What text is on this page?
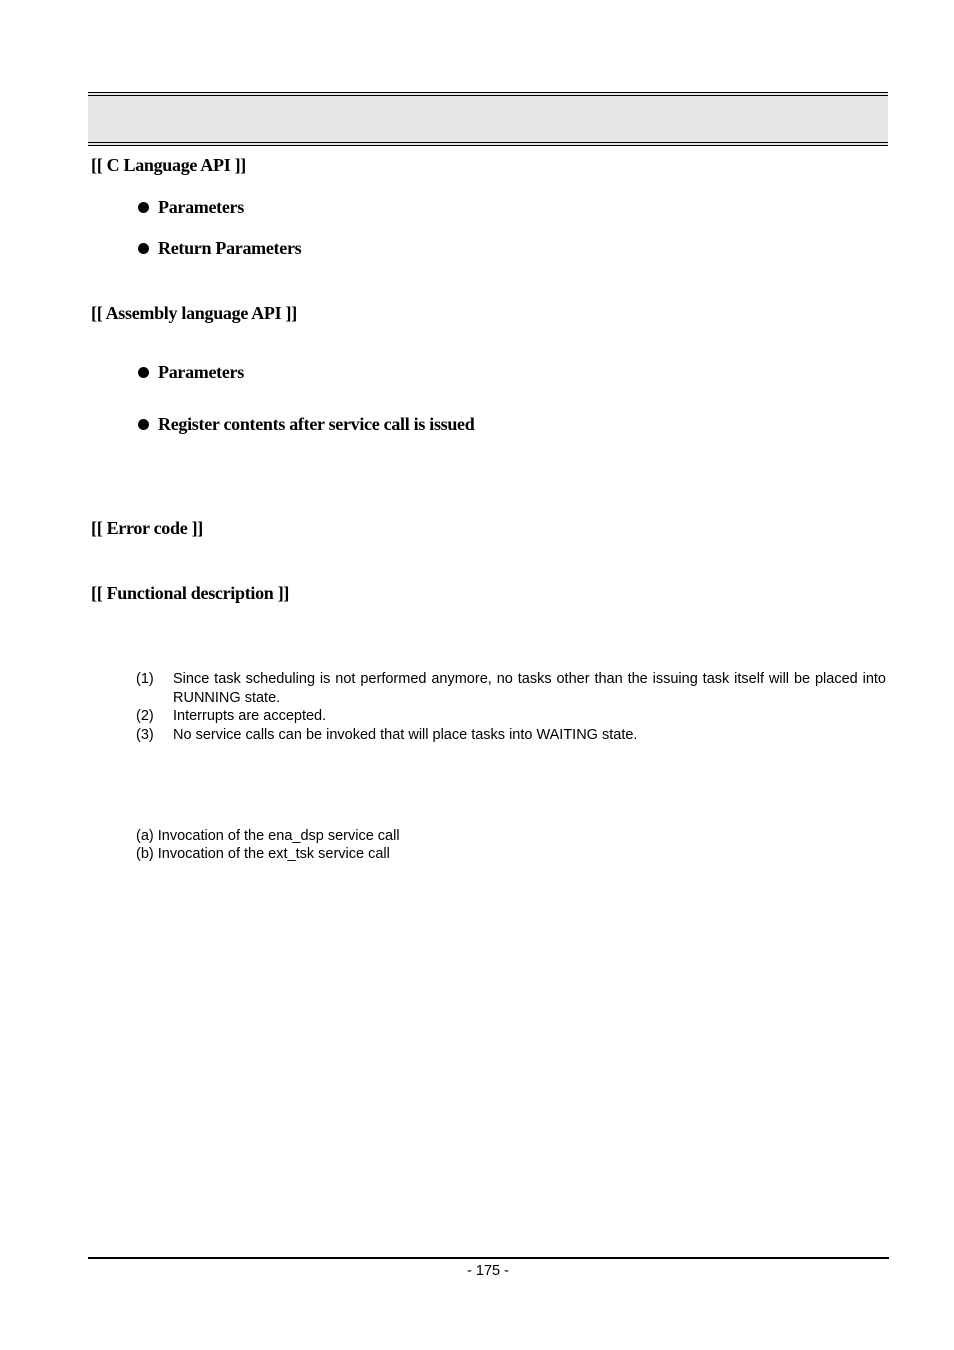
[[ C Language API ]]
Parameters
Return Parameters
[[ Assembly language API ]]
Parameters
Register contents after service call is issued
[[ Error code ]]
[[ Functional description ]]
(1)	Since task scheduling is not performed anymore, no tasks other than the issuing task itself will be placed into RUNNING state.
(2)	Interrupts are accepted.
(3)	No service calls can be invoked that will place tasks into WAITING state.
(a) Invocation of the ena_dsp service call
(b) Invocation of the ext_tsk service call
- 175 -
